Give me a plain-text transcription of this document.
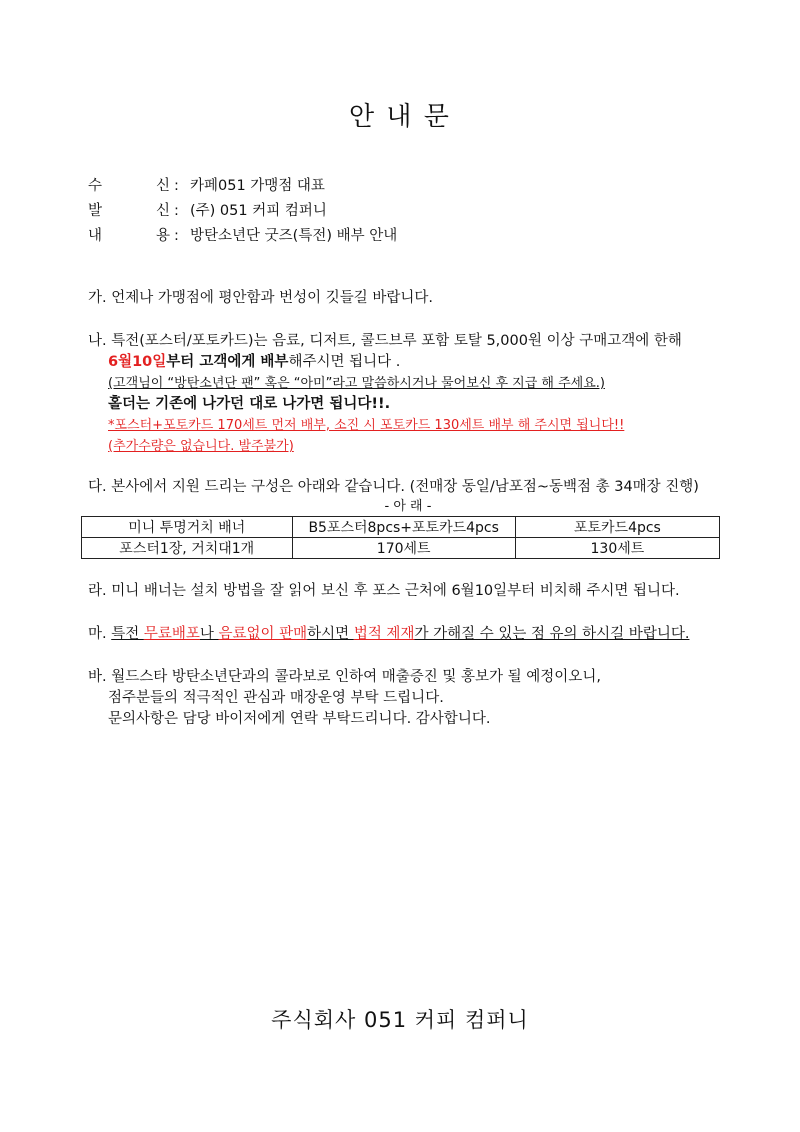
안 내 문
수	신 : 카페051 가맹점 대표
발	신 : (주) 051 커피 컴퍼니
내	용 : 방탄소년단 굿즈(특전) 배부 안내

가. 언제나 가맹점에 평안함과 번성이 깃들길 바랍니다.

나. 특전(포스터/포토카드)는 음료, 디저트, 콜드브루 포함 토탈 5,000원 이상 구매고객에 한해

6월10일부터 고객에게 배부해주시면 됩니다 .

(고객님이 “방탄소년단 팬” 혹은 “아미”라고 말씀하시거나 물어보신 후 지급 해 주세요.)

홀더는 기존에 나가던 대로 나가면 됩니다!!.

*포스터+포토카드 170세트 먼저 배부, 소진 시 포토카드 130세트 배부 해 주시면 됩니다!!

(추가수량은 없습니다. 발주불가)

다. 본사에서 지원 드리는 구성은 아래와 같습니다. (전매장 동일/남포점~동백점 총 34매장 진행)

- 아 래 -

미니 투명거치 배너	B5포스터8pcs+포토카드4pcs	포토카드4pcs
포스터1장, 거치대1개	170세트	130세트

라. 미니 배너는 설치 방법을 잘 읽어 보신 후 포스 근처에 6월10일부터 비치해 주시면 됩니다.

마. 특전 무료배포나 음료없이 판매하시면 법적 제재가 가해질 수 있는 점 유의 하시길 바랍니다.

바. 월드스타 방탄소년단과의 콜라보로 인하여 매출증진 및 홍보가 될 예정이오니,

점주분들의 적극적인 관심과 매장운영 부탁 드립니다.

문의사항은 담당 바이저에게 연락 부탁드리니다. 감사합니다.

주식회사 051 커피 컴퍼니
